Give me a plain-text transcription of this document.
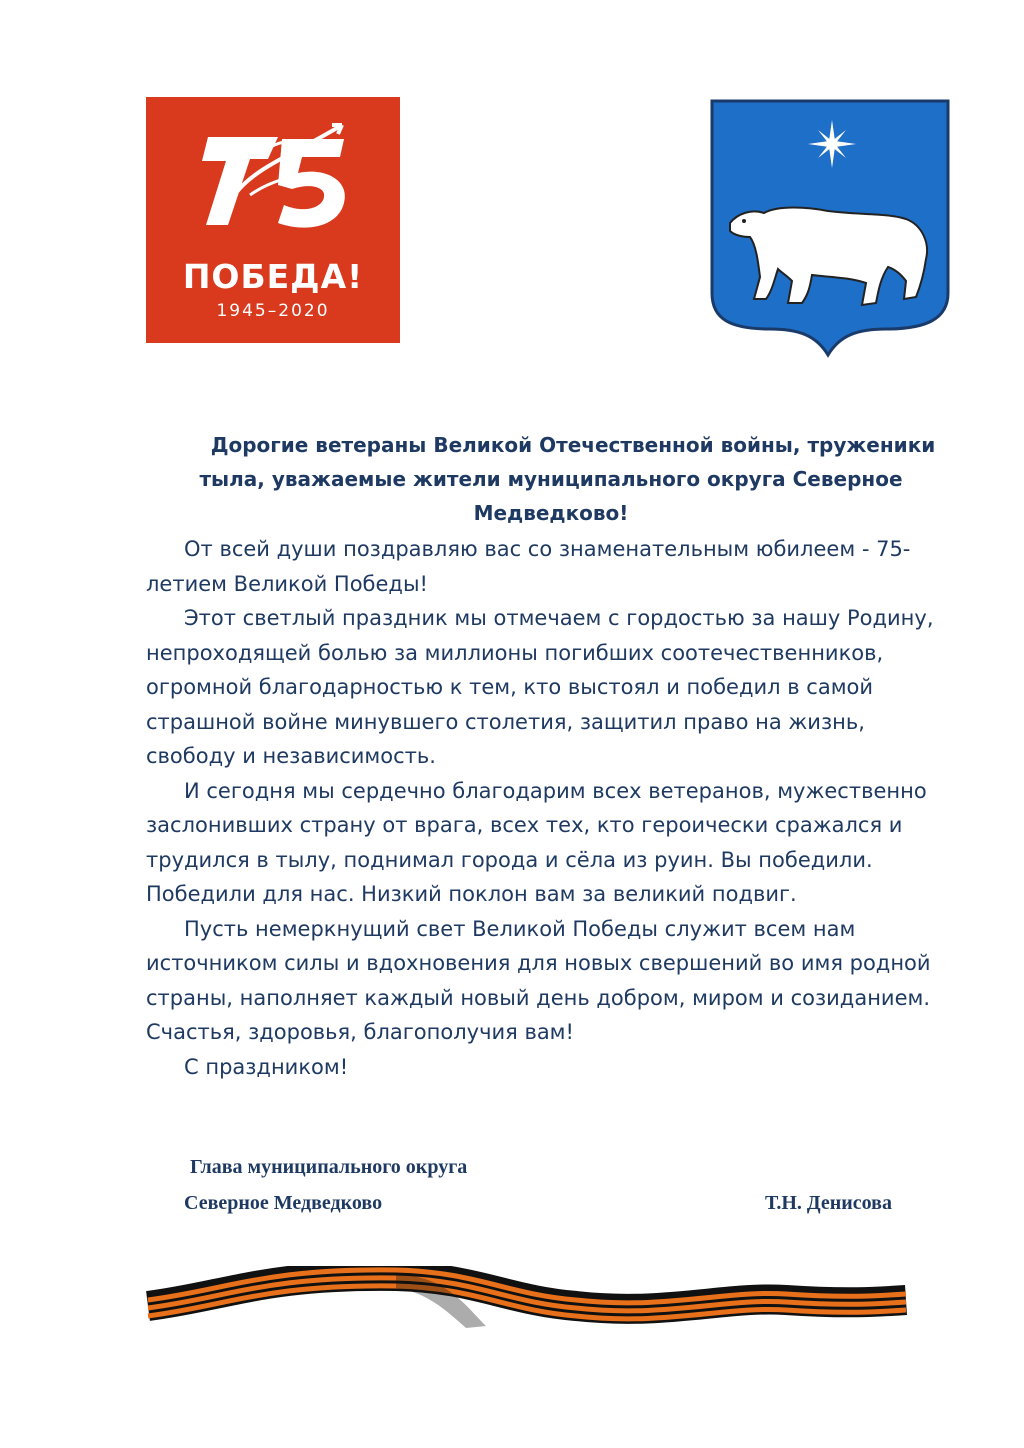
ПОБЕДА!
1945–2020
Дорогие ветераны Великой Отечественной войны, труженики
тыла, уважаемые жители муниципального округа Северное
Медведково!

От всей души поздравляю вас со знаменательным юбилеем - 75-летием Великой Победы!

Этот светлый праздник мы отмечаем с гордостью за нашу Родину, непроходящей болью за миллионы погибших соотечественников, огромной благодарностью к тем, кто выстоял и победил в самой страшной войне минувшего столетия, защитил право на жизнь, свободу и независимость.

И сегодня мы сердечно благодарим всех ветеранов, мужественно заслонивших страну от врага, всех тех, кто героически сражался и трудился в тылу, поднимал города и сёла из руин. Вы победили. Победили для нас. Низкий поклон вам за великий подвиг.

Пусть немеркнущий свет Великой Победы служит всем нам источником силы и вдохновения для новых свершений во имя родной страны, наполняет каждый новый день добром, миром и созиданием.

Счастья, здоровья, благополучия вам!

С праздником!

Глава муниципального округа
Северное Медведково	Т.Н. Денисова
